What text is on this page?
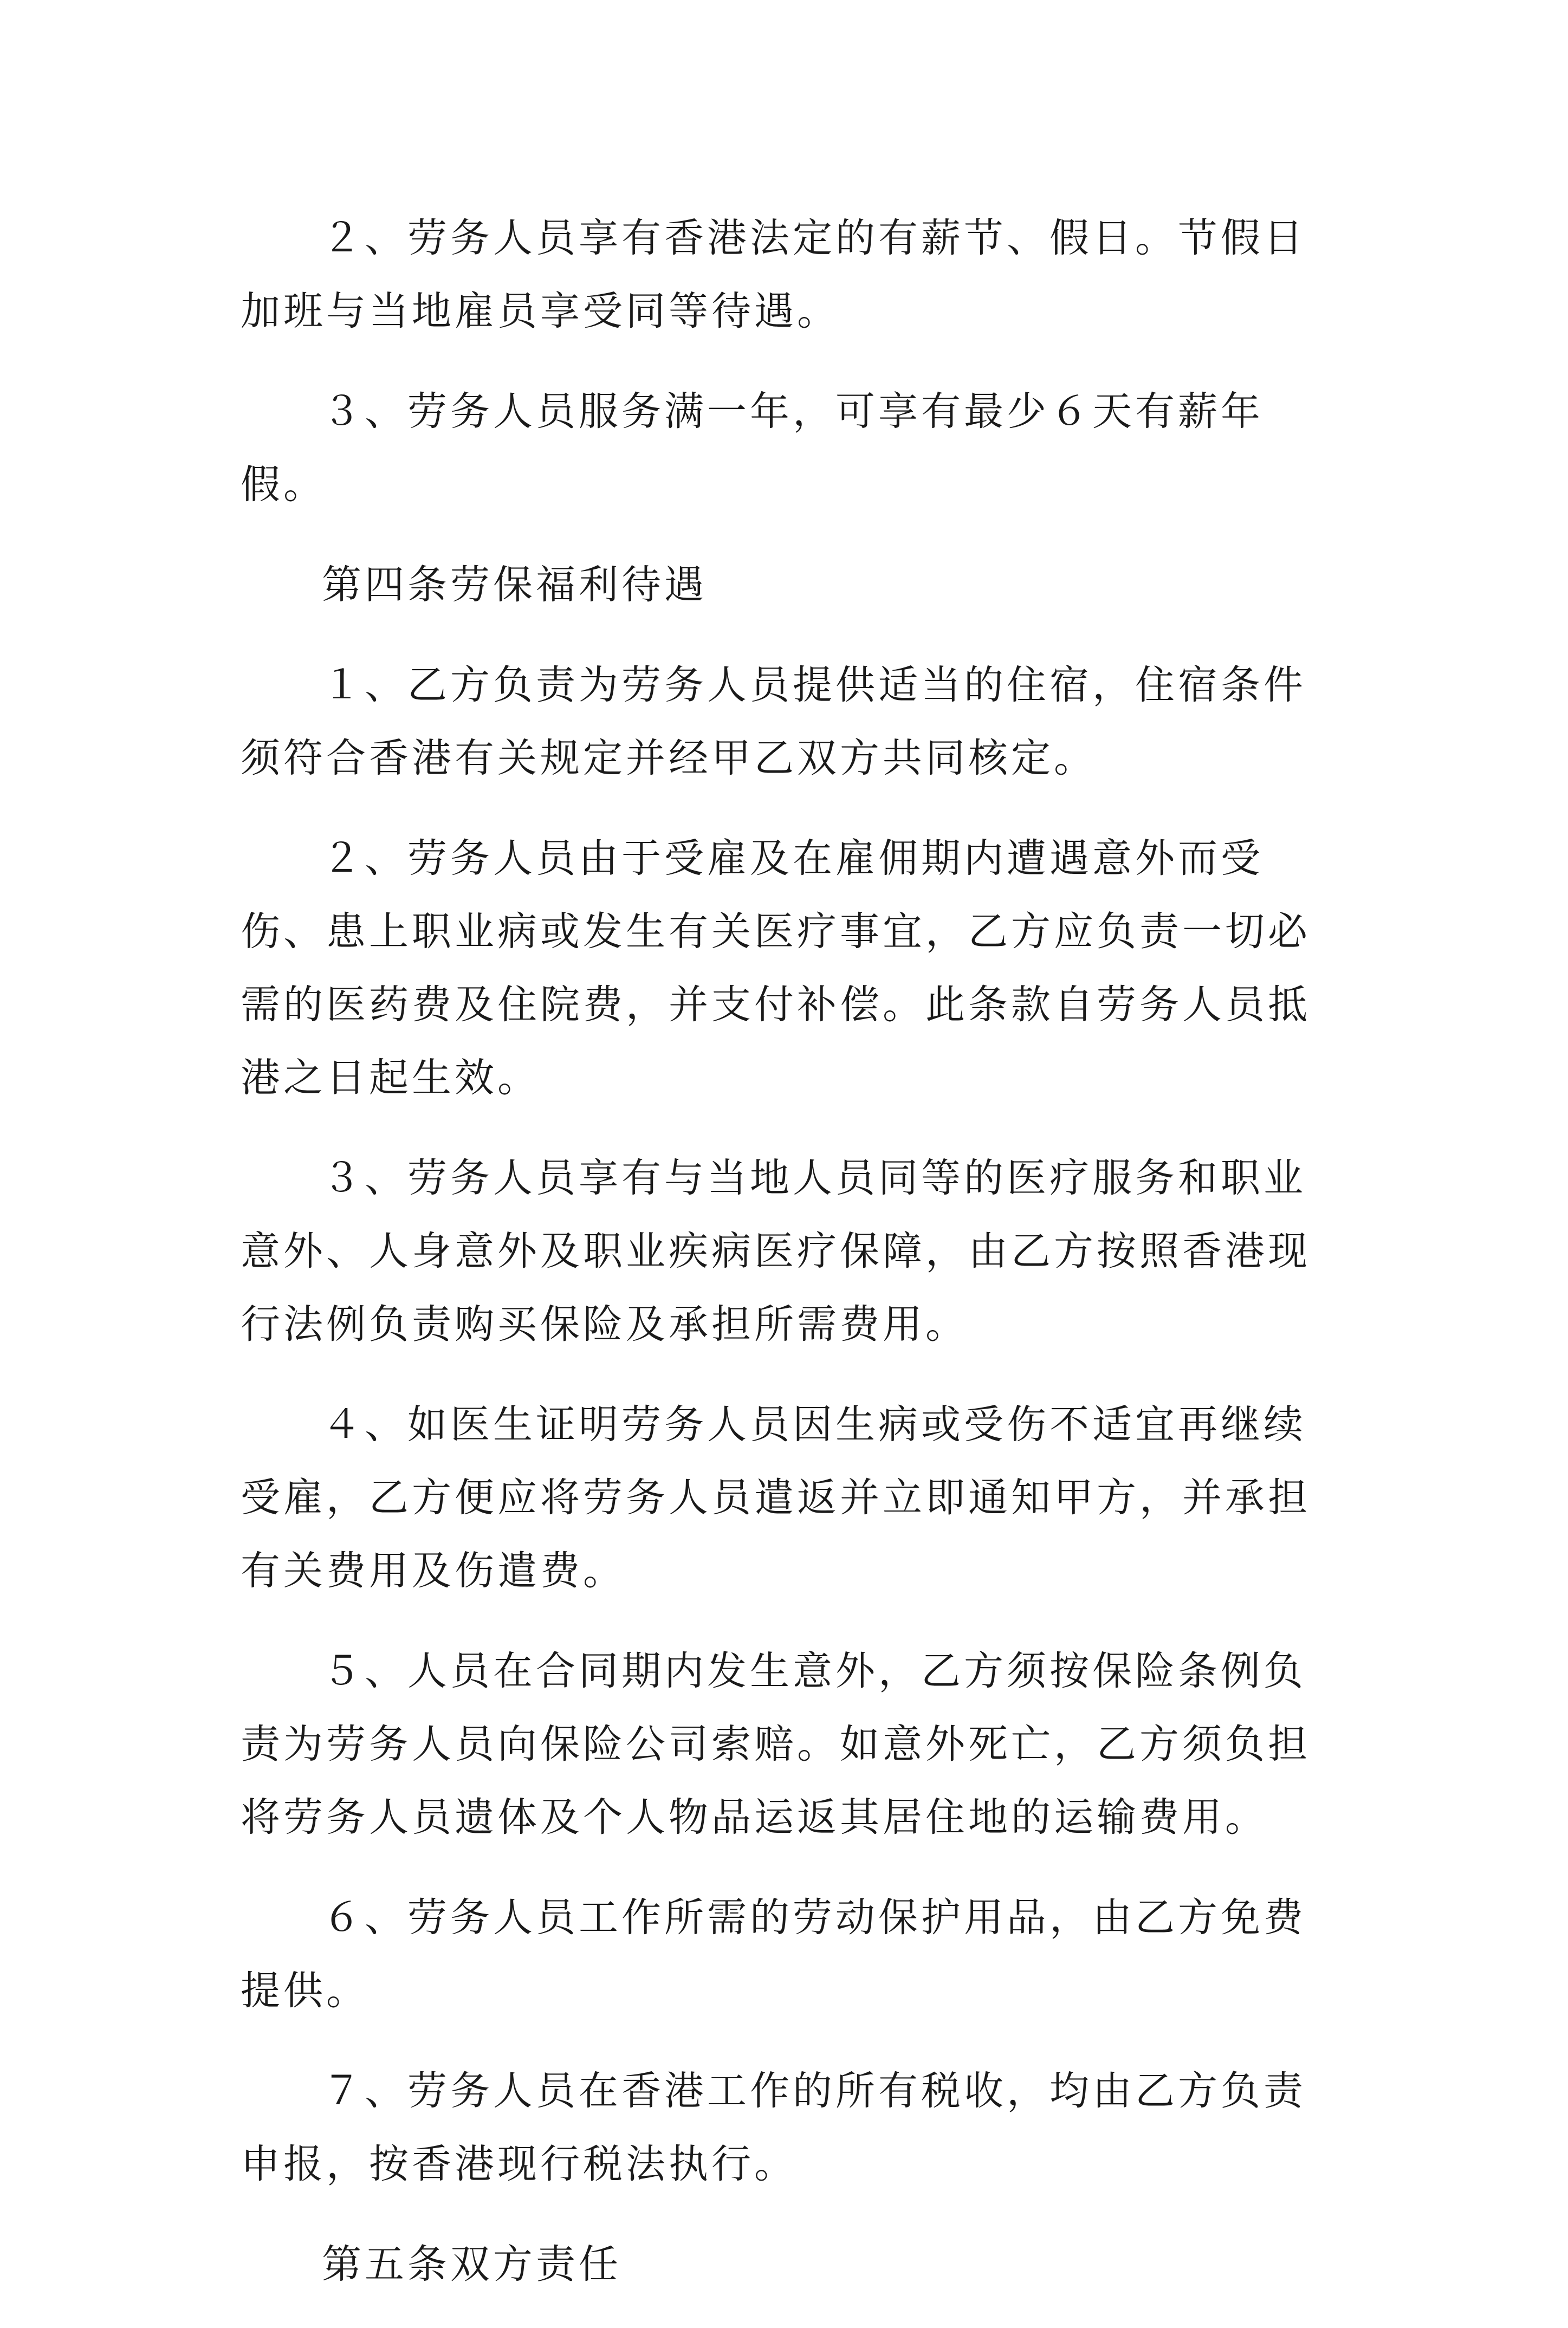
２、劳务人员享有香港法定的有薪节、假日。节假日加班与当地雇员享受同等待遇。

３、劳务人员服务满一年，可享有最少６天有薪年假。

第四条劳保福利待遇

１、乙方负责为劳务人员提供适当的住宿，住宿条件须符合香港有关规定并经甲乙双方共同核定。

２、劳务人员由于受雇及在雇佣期内遭遇意外而受伤、患上职业病或发生有关医疗事宜，乙方应负责一切必需的医药费及住院费，并支付补偿。此条款自劳务人员抵港之日起生效。

３、劳务人员享有与当地人员同等的医疗服务和职业意外、人身意外及职业疾病医疗保障，由乙方按照香港现行法例负责购买保险及承担所需费用。

４、如医生证明劳务人员因生病或受伤不适宜再继续受雇，乙方便应将劳务人员遣返并立即通知甲方，并承担有关费用及伤遣费。

５、人员在合同期内发生意外，乙方须按保险条例负责为劳务人员向保险公司索赔。如意外死亡，乙方须负担将劳务人员遗体及个人物品运返其居住地的运输费用。

６、劳务人员工作所需的劳动保护用品，由乙方免费提供。

７、劳务人员在香港工作的所有税收，均由乙方负责申报，按香港现行税法执行。

第五条双方责任
